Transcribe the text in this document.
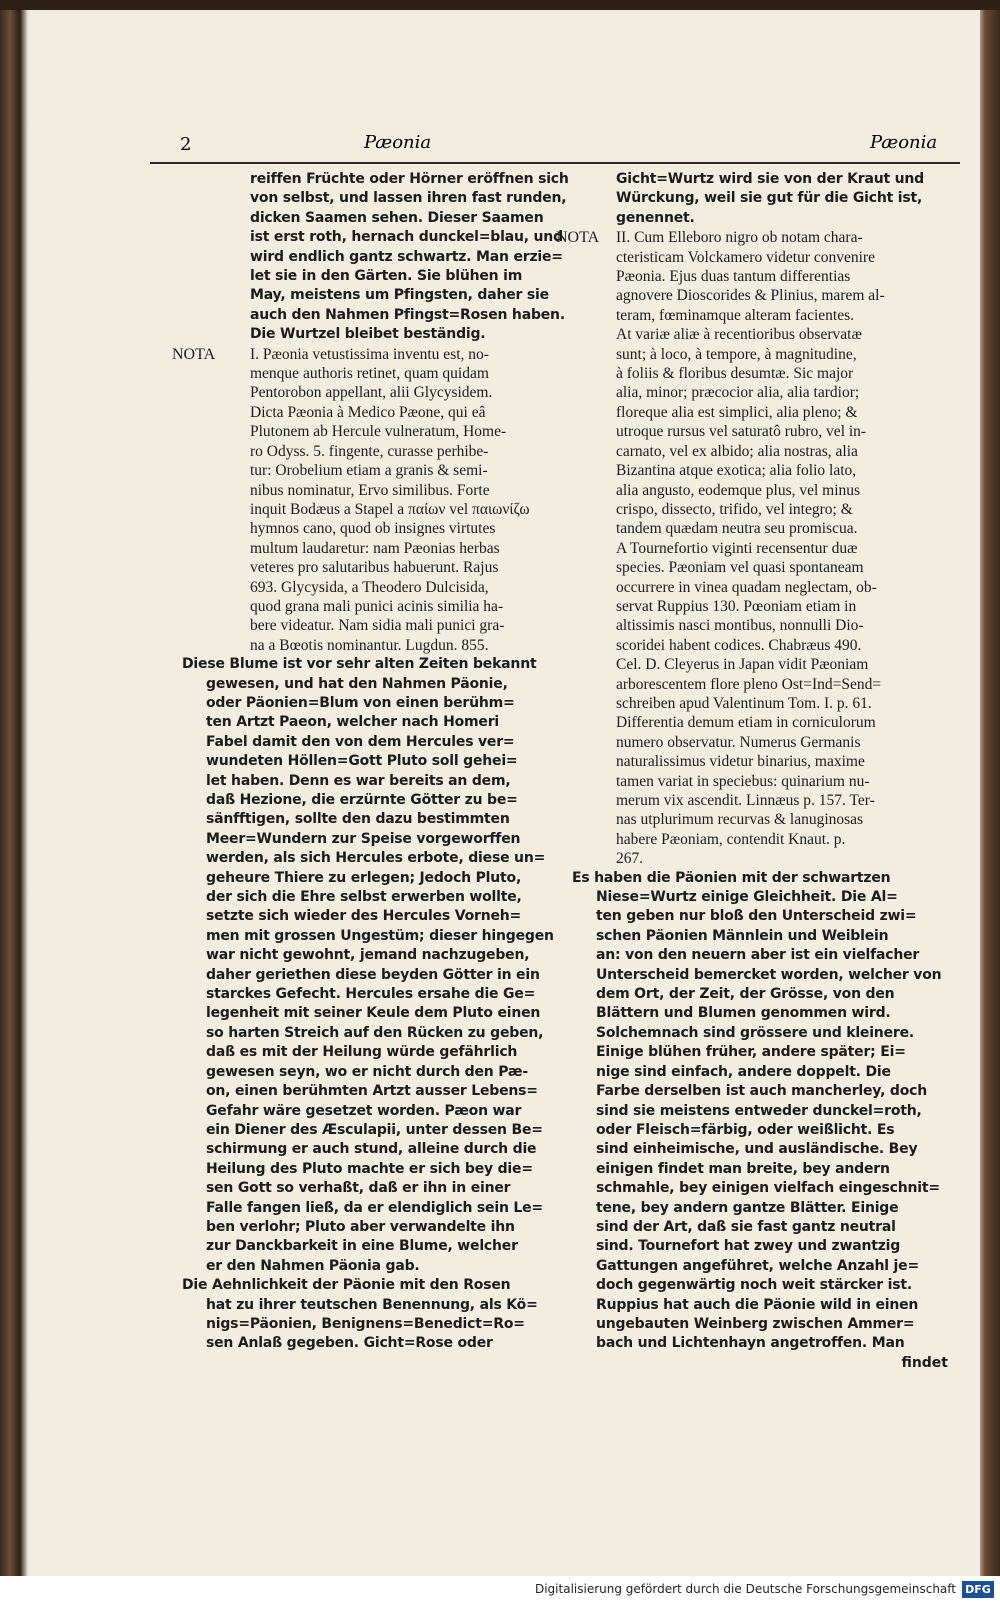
2	Pæonia	Pæonia
reiffen Früchte oder Hörner eröffnen sich
von selbst, und lassen ihren fast runden,
dicken Saamen sehen. Dieser Saamen
ist erst roth, hernach dunckel=blau, und
wird endlich gantz schwartz. Man erzie=
let sie in den Gärten. Sie blühen im
May, meistens um Pfingsten, daher sie
auch den Nahmen Pfingst=Rosen haben.
Die Wurtzel bleibet beständig.
NOTA I. Pæonia vetustissima inventu est, no-
menque authoris retinet, quam quidam
Pentorobon appellant, alii Glycysidem.
Dicta Pæonia à Medico Pæone, qui eâ
Plutonem ab Hercule vulneratum, Home-
ro Odyss. 5. fingente, curasse perhibe-
tur: Orobelium etiam a granis & semi-
nibus nominatur, Ervo similibus. Forte
inquit Bodæus a Stapel a παίων vel παιωνίζω
hymnos cano, quod ob insignes virtutes
multum laudaretur: nam Pæonias herbas
veteres pro salutaribus habuerunt. Rajus
693. Glycysida, a Theodero Dulcisida,
quod grana mali punici acinis similia ha-
bere videatur. Nam sidia mali punici gra-
na a Bœotis nominantur. Lugdun. 855.
Diese Blume ist vor sehr alten Zeiten bekannt
gewesen, und hat den Nahmen Päonie,
oder Päonien=Blum von einen berühm=
ten Artzt Paeon, welcher nach Homeri
Fabel damit den von dem Hercules ver=
wundeten Höllen=Gott Pluto soll gehei=
let haben. Denn es war bereits an dem,
daß Hezione, die erzürnte Götter zu be=
sänfftigen, sollte den dazu bestimmten
Meer=Wundern zur Speise vorgeworffen
werden, als sich Hercules erbote, diese un=
geheure Thiere zu erlegen; Jedoch Pluto,
der sich die Ehre selbst erwerben wollte,
setzte sich wieder des Hercules Vorneh=
men mit grossen Ungestüm; dieser hingegen
war nicht gewohnt, jemand nachzugeben,
daher geriethen diese beyden Götter in ein
starckes Gefecht. Hercules ersahe die Ge=
legenheit mit seiner Keule dem Pluto einen
so harten Streich auf den Rücken zu geben,
daß es mit der Heilung würde gefährlich
gewesen seyn, wo er nicht durch den Pæ-
on, einen berühmten Artzt ausser Lebens=
Gefahr wäre gesetzet worden. Pæon war
ein Diener des Æsculapii, unter dessen Be=
schirmung er auch stund, alleine durch die
Heilung des Pluto machte er sich bey die=
sen Gott so verhaßt, daß er ihn in einer
Falle fangen ließ, da er elendiglich sein Le=
ben verlohr; Pluto aber verwandelte ihn
zur Danckbarkeit in eine Blume, welcher
er den Nahmen Päonia gab.
Die Aehnlichkeit der Päonie mit den Rosen
hat zu ihrer teutschen Benennung, als Kö=
nigs=Päonien, Benignens=Benedict=Ro=
sen Anlaß gegeben. Gicht=Rose oder
Gicht=Wurtz wird sie von der Kraut und
Würckung, weil sie gut für die Gicht ist,
genennet.
NOTA II. Cum Elleboro nigro ob notam chara-
cteristicam Volckamero videtur convenire
Pæonia. Ejus duas tantum differentias
agnovere Dioscorides & Plinius, marem al-
teram, fœminamque alteram facientes.
At variæ aliæ à recentioribus observatæ
sunt; à loco, à tempore, à magnitudine,
à foliis & floribus desumtæ. Sic major
alia, minor; præcocior alia, alia tardior;
floreque alia est simplici, alia pleno; &
utroque rursus vel saturatô rubro, vel in-
carnato, vel ex albido; alia nostras, alia
Bizantina atque exotica; alia folio lato,
alia angusto, eodemque plus, vel minus
crispo, dissecto, trifido, vel integro; &
tandem quædam neutra seu promiscua.
A Tournefortio viginti recensentur duæ
species. Pæoniam vel quasi spontaneam
occurrere in vinea quadam neglectam, ob-
servat Ruppius 130. Pœoniam etiam in
altissimis nasci montibus, nonnulli Dio-
scoridei habent codices. Chabræus 490.
Cel. D. Cleyerus in Japan vidit Pæoniam
arborescentem flore pleno Ost=Ind=Send=
schreiben apud Valentinum Tom. I. p. 61.
Differentia demum etiam in corniculorum
numero observatur. Numerus Germanis
naturalissimus videtur binarius, maxime
tamen variat in speciebus: quinarium nu-
merum vix ascendit. Linnæus p. 157. Ter-
nas utplurimum recurvas & lanuginosas
habere Pæoniam, contendit Knaut. p.
267.
Es haben die Päonien mit der schwartzen
Niese=Wurtz einige Gleichheit. Die Al=
ten geben nur bloß den Unterscheid zwi=
schen Päonien Männlein und Weiblein
an: von den neuern aber ist ein vielfacher
Unterscheid bemercket worden, welcher von
dem Ort, der Zeit, der Grösse, von den
Blättern und Blumen genommen wird.
Solchemnach sind grössere und kleinere.
Einige blühen früher, andere später; Ei=
nige sind einfach, andere doppelt. Die
Farbe derselben ist auch mancherley, doch
sind sie meistens entweder dunckel=roth,
oder Fleisch=färbig, oder weißlicht. Es
sind einheimische, und ausländische. Bey
einigen findet man breite, bey andern
schmahle, bey einigen vielfach eingeschnit=
tene, bey andern gantze Blätter. Einige
sind der Art, daß sie fast gantz neutral
sind. Tournefort hat zwey und zwantzig
Gattungen angeführet, welche Anzahl je=
doch gegenwärtig noch weit stärcker ist.
Ruppius hat auch die Päonie wild in einen
ungebauten Weinberg zwischen Ammer=
bach und Lichtenhayn angetroffen. Man
findet
Digitalisierung gefördert durch die Deutsche Forschungsgemeinschaft DFG
